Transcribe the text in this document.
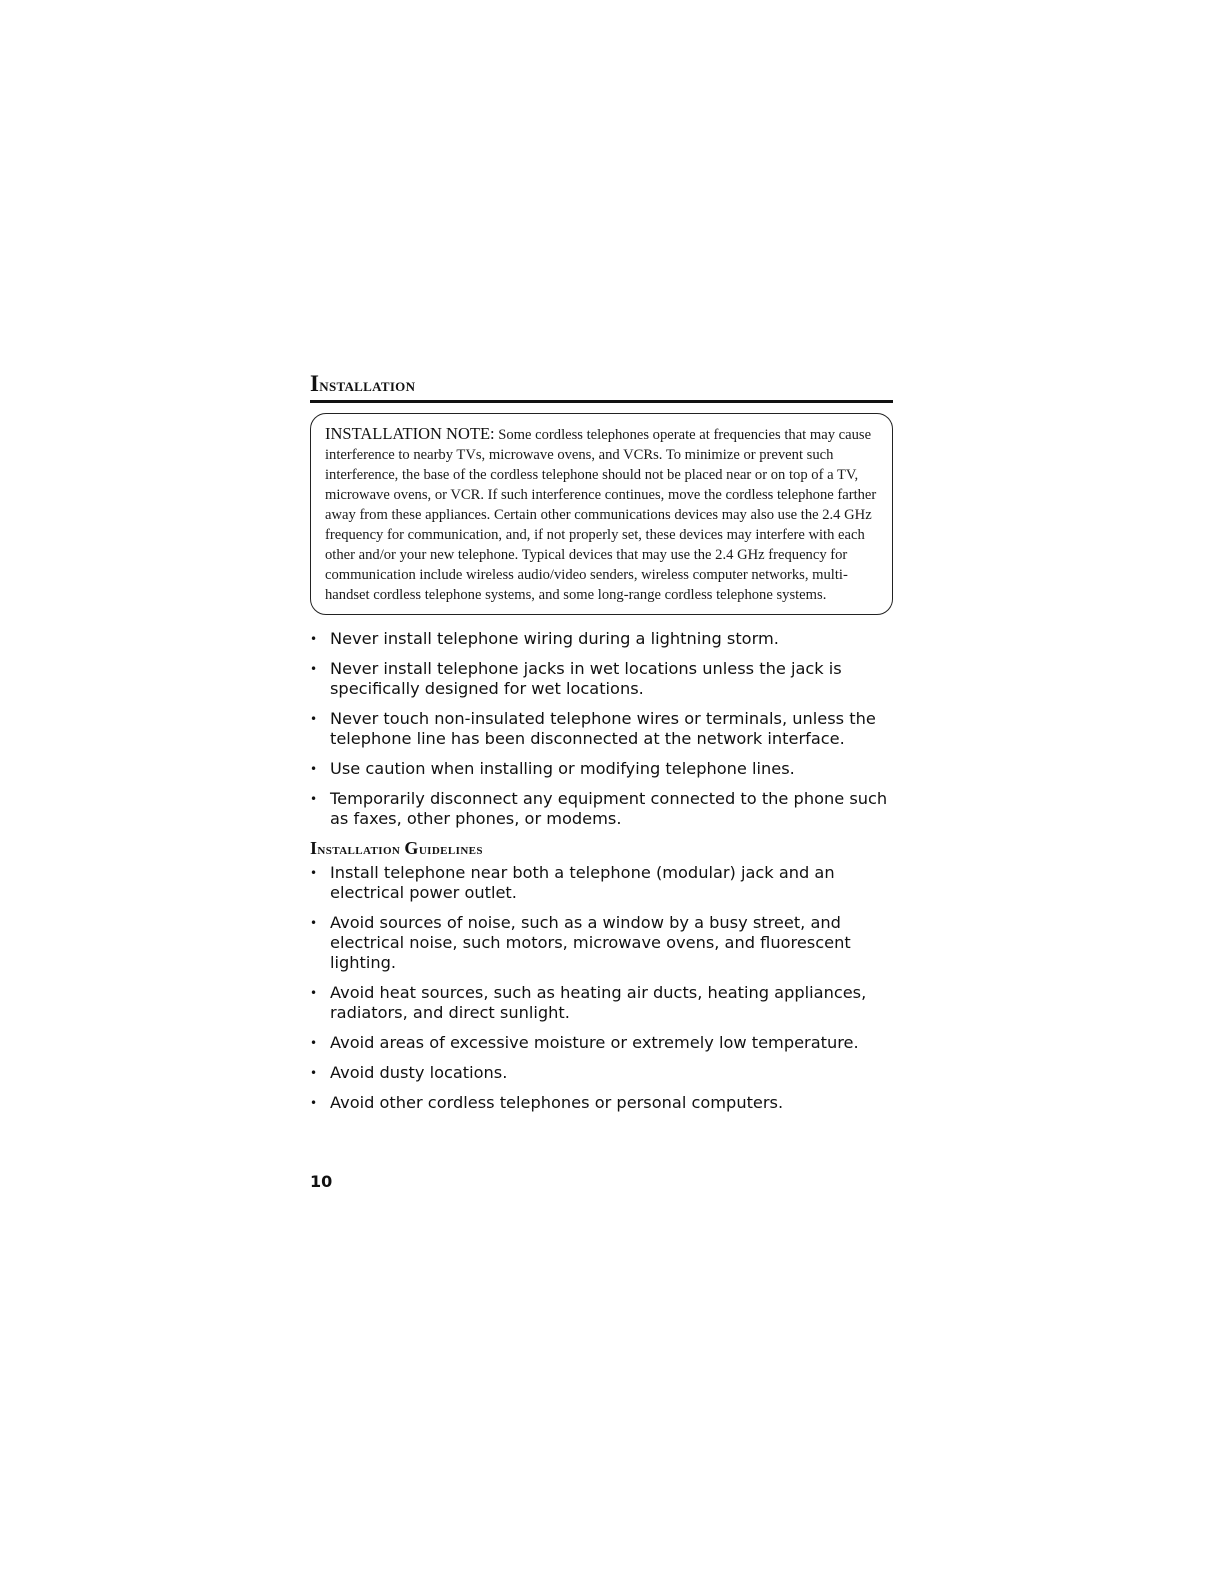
Installation
INSTALLATION NOTE: Some cordless telephones operate at frequencies that may cause interference to nearby TVs, microwave ovens, and VCRs. To minimize or prevent such interference, the base of the cordless telephone should not be placed near or on top of a TV, microwave ovens, or VCR. If such interference continues, move the cordless telephone farther away from these appliances. Certain other communications devices may also use the 2.4 GHz frequency for communication, and, if not properly set, these devices may interfere with each other and/or your new telephone. Typical devices that may use the 2.4 GHz frequency for communication include wireless audio/video senders, wireless computer networks, multi-handset cordless telephone systems, and some long-range cordless telephone systems.
• Never install telephone wiring during a lightning storm.
• Never install telephone jacks in wet locations unless the jack is specifically designed for wet locations.
• Never touch non-insulated telephone wires or terminals, unless the telephone line has been disconnected at the network interface.
• Use caution when installing or modifying telephone lines.
• Temporarily disconnect any equipment connected to the phone such as faxes, other phones, or modems.
Installation Guidelines
• Install telephone near both a telephone (modular) jack and an electrical power outlet.
• Avoid sources of noise, such as a window by a busy street, and electrical noise, such motors, microwave ovens, and fluorescent lighting.
• Avoid heat sources, such as heating air ducts, heating appliances, radiators, and direct sunlight.
• Avoid areas of excessive moisture or extremely low temperature.
• Avoid dusty locations.
• Avoid other cordless telephones or personal computers.
10
